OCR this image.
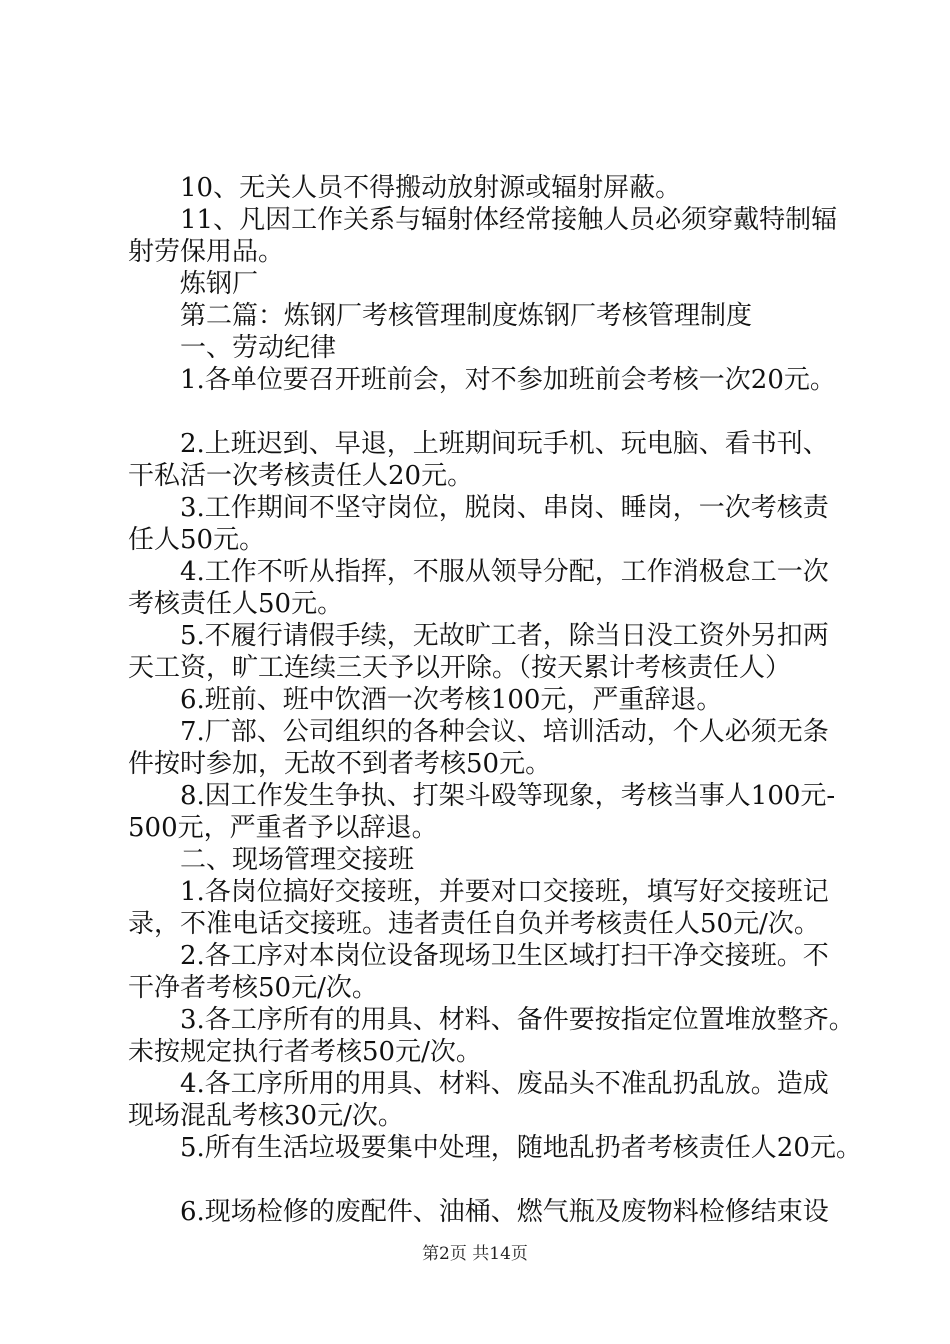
10、无关人员不得搬动放射源或辐射屏蔽。
11、凡因工作关系与辐射体经常接触人员必须穿戴特制辐
射劳保用品。
炼钢厂
第二篇：炼钢厂考核管理制度炼钢厂考核管理制度
一、劳动纪律
1.各单位要召开班前会，对不参加班前会考核一次20元。
2.上班迟到、早退，上班期间玩手机、玩电脑、看书刊、
干私活一次考核责任人20元。
3.工作期间不坚守岗位，脱岗、串岗、睡岗，一次考核责
任人50元。
4.工作不听从指挥，不服从领导分配，工作消极怠工一次
考核责任人50元。
5.不履行请假手续，无故旷工者，除当日没工资外另扣两
天工资，旷工连续三天予以开除。（按天累计考核责任人）
6.班前、班中饮酒一次考核100元，严重辞退。
7.厂部、公司组织的各种会议、培训活动，个人必须无条
件按时参加，无故不到者考核50元。
8.因工作发生争执、打架斗殴等现象，考核当事人100元-
500元，严重者予以辞退。
二、现场管理交接班
1.各岗位搞好交接班，并要对口交接班，填写好交接班记
录，不准电话交接班。违者责任自负并考核责任人50元/次。
2.各工序对本岗位设备现场卫生区域打扫干净交接班。不
干净者考核50元/次。
3.各工序所有的用具、材料、备件要按指定位置堆放整齐。
未按规定执行者考核50元/次。
4.各工序所用的用具、材料、废品头不准乱扔乱放。造成
现场混乱考核30元/次。
5.所有生活垃圾要集中处理，随地乱扔者考核责任人20元。
6.现场检修的废配件、油桶、燃气瓶及废物料检修结束设
第2页 共14页
